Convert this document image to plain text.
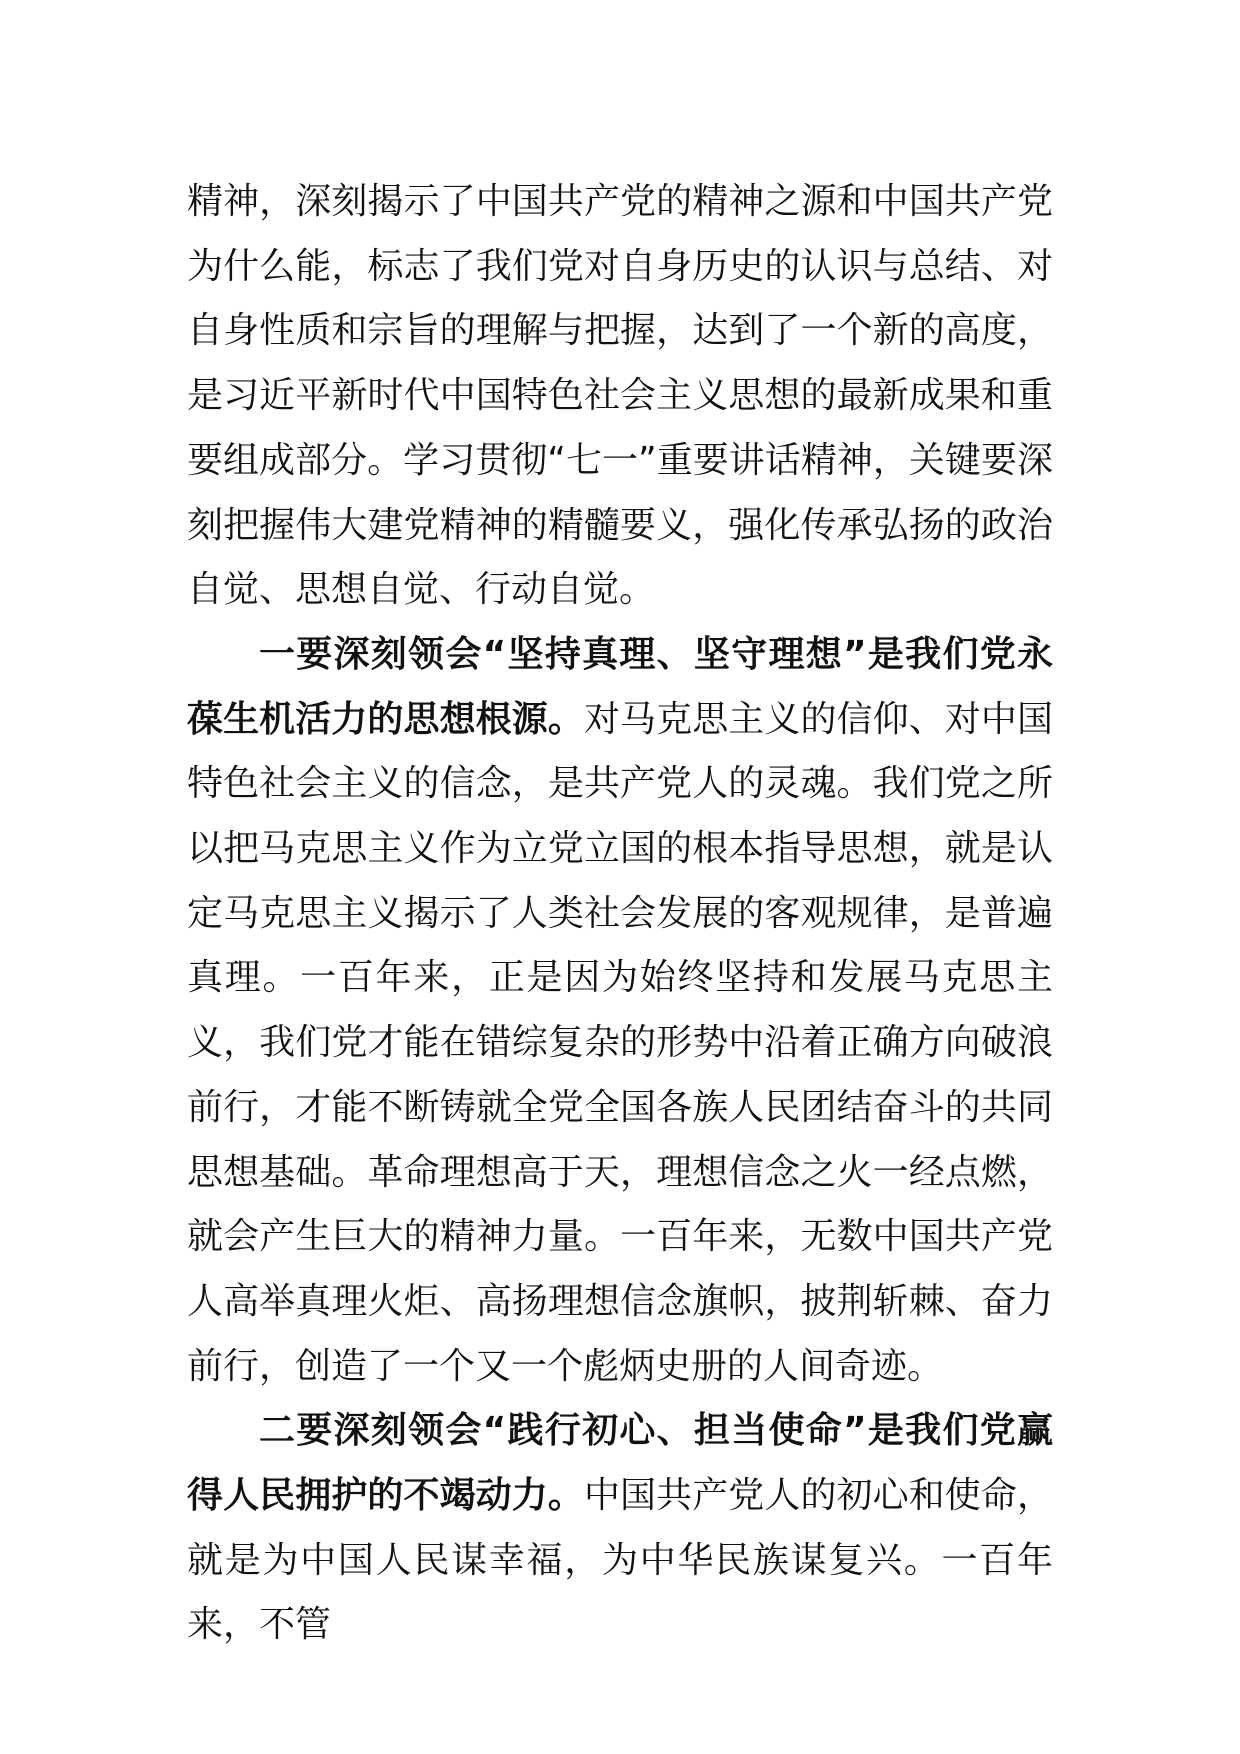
精神，深刻揭示了中国共产党的精神之源和中国共产党为什么能，标志了我们党对自身历史的认识与总结、对自身性质和宗旨的理解与把握，达到了一个新的高度，是习近平新时代中国特色社会主义思想的最新成果和重要组成部分。学习贯彻“七一”重要讲话精神，关键要深刻把握伟大建党精神的精髓要义，强化传承弘扬的政治自觉、思想自觉、行动自觉。

一要深刻领会“坚持真理、坚守理想”是我们党永葆生机活力的思想根源。对马克思主义的信仰、对中国特色社会主义的信念，是共产党人的灵魂。我们党之所以把马克思主义作为立党立国的根本指导思想，就是认定马克思主义揭示了人类社会发展的客观规律，是普遍真理。一百年来，正是因为始终坚持和发展马克思主义，我们党才能在错综复杂的形势中沿着正确方向破浪前行，才能不断铸就全党全国各族人民团结奋斗的共同思想基础。革命理想高于天，理想信念之火一经点燃，就会产生巨大的精神力量。一百年来，无数中国共产党人高举真理火炬、高扬理想信念旗帜，披荆斩棘、奋力前行，创造了一个又一个彪炳史册的人间奇迹。

二要深刻领会“践行初心、担当使命”是我们党赢得人民拥护的不竭动力。中国共产党人的初心和使命，就是为中国人民谋幸福，为中华民族谋复兴。一百年来，不管
